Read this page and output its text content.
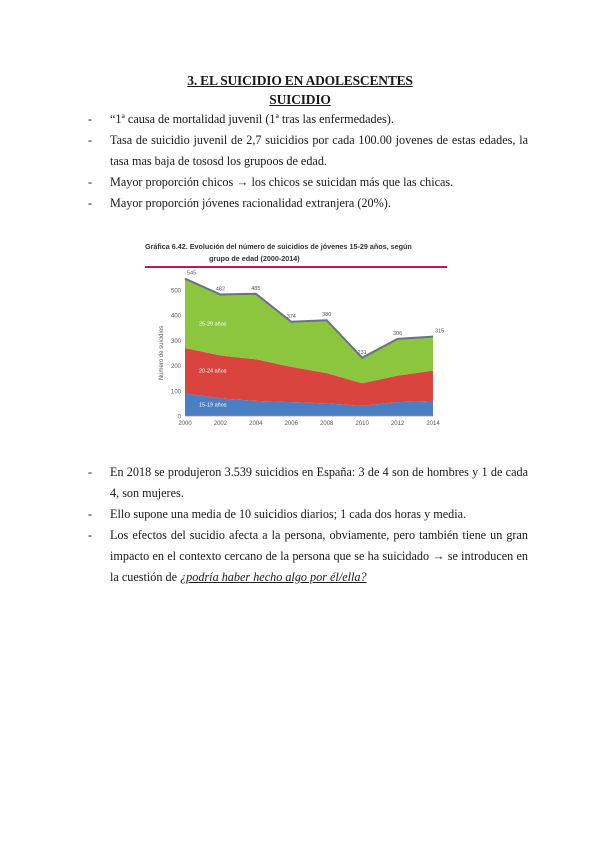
3. EL SUICIDIO EN ADOLESCENTES
SUICIDIO
- “1ª causa de mortalidad juvenil (1ª tras las enfermedades).
- Tasa de suicidio juvenil de 2,7 suicidios por cada 100.00 jovenes de estas edades, la tasa mas baja de tososd los grupoos de edad.
- Mayor proporción chicos → los chicos se suicidan más que las chicas.
- Mayor proporción jóvenes racionalidad extranjera (20%).
Gráfica 6.42. Evolución del número de suicidios de jóvenes 15-29 años, según
grupo de edad (2000-2014)
0
100
200
300
400
500
2000	2002	2004	2006	2008	2010	2012	2014
545
482	485
374	380
231
306	315
15-19 años
20-24 años
25-29 años
Número de suicidios
- En 2018 se produjeron 3.539 suicidios en España: 3 de 4 son de hombres y 1 de cada 4, son mujeres.
- Ello supone una media de 10 suicidios diarios; 1 cada dos horas y media.
- Los efectos del sucidio afecta a la persona, obviamente, pero también tiene un gran impacto en el contexto cercano de la persona que se ha suicidado → se introducen en la cuestión de ¿podría haber hecho algo por él/ella?
